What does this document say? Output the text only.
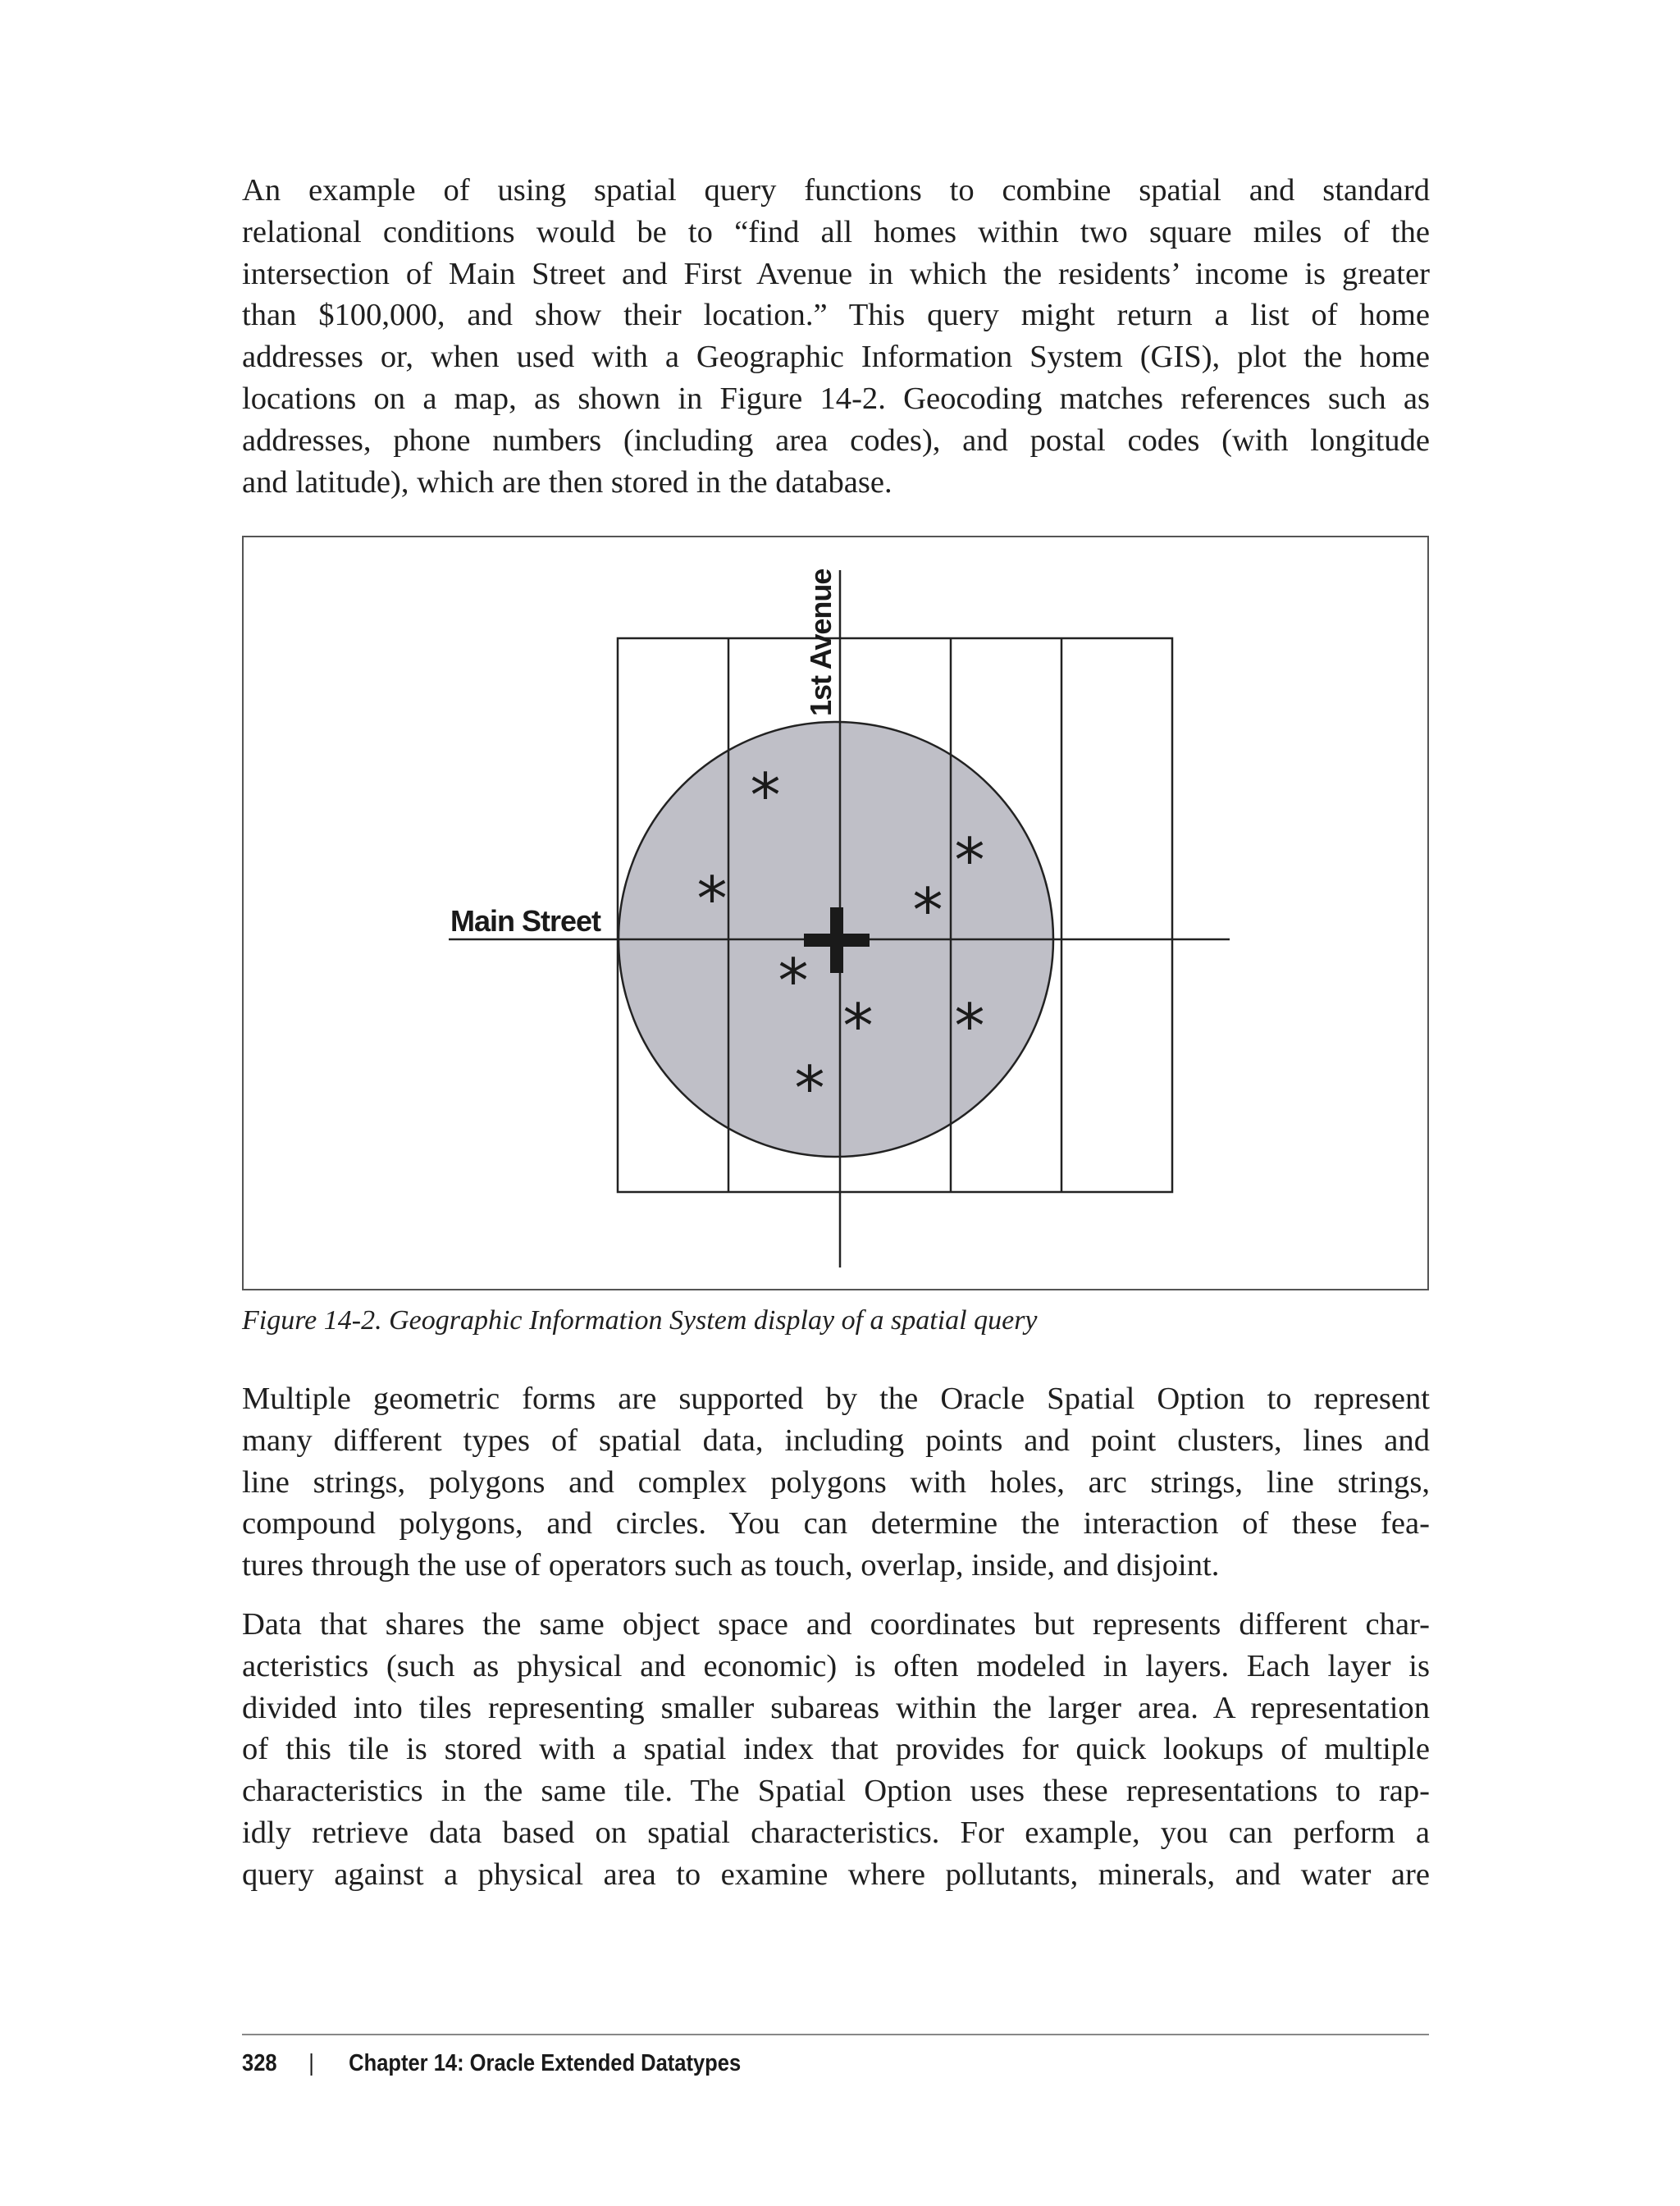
An example of using spatial query functions to combine spatial and standard
relational conditions would be to “find all homes within two square miles of the
intersection of Main Street and First Avenue in which the residents’ income is greater
than $100,000, and show their location.” This query might return a list of home
addresses or, when used with a Geographic Information System (GIS), plot the home
locations on a map, as shown in Figure 14-2. Geocoding matches references such as
addresses, phone numbers (including area codes), and postal codes (with longitude
and latitude), which are then stored in the database.
Main Street
1st Avenue
*
*
*	*
*
* *
*
Figure 14-2. Geographic Information System display of a spatial query
Multiple geometric forms are supported by the Oracle Spatial Option to represent
many different types of spatial data, including points and point clusters, lines and
line strings, polygons and complex polygons with holes, arc strings, line strings,
compound polygons, and circles. You can determine the interaction of these fea-
tures through the use of operators such as touch, overlap, inside, and disjoint.
Data that shares the same object space and coordinates but represents different char-
acteristics (such as physical and economic) is often modeled in layers. Each layer is
divided into tiles representing smaller subareas within the larger area. A representation
of this tile is stored with a spatial index that provides for quick lookups of multiple
characteristics in the same tile. The Spatial Option uses these representations to rap-
idly retrieve data based on spatial characteristics. For example, you can perform a
query against a physical area to examine where pollutants, minerals, and water are
328 | Chapter 14: Oracle Extended Datatypes
